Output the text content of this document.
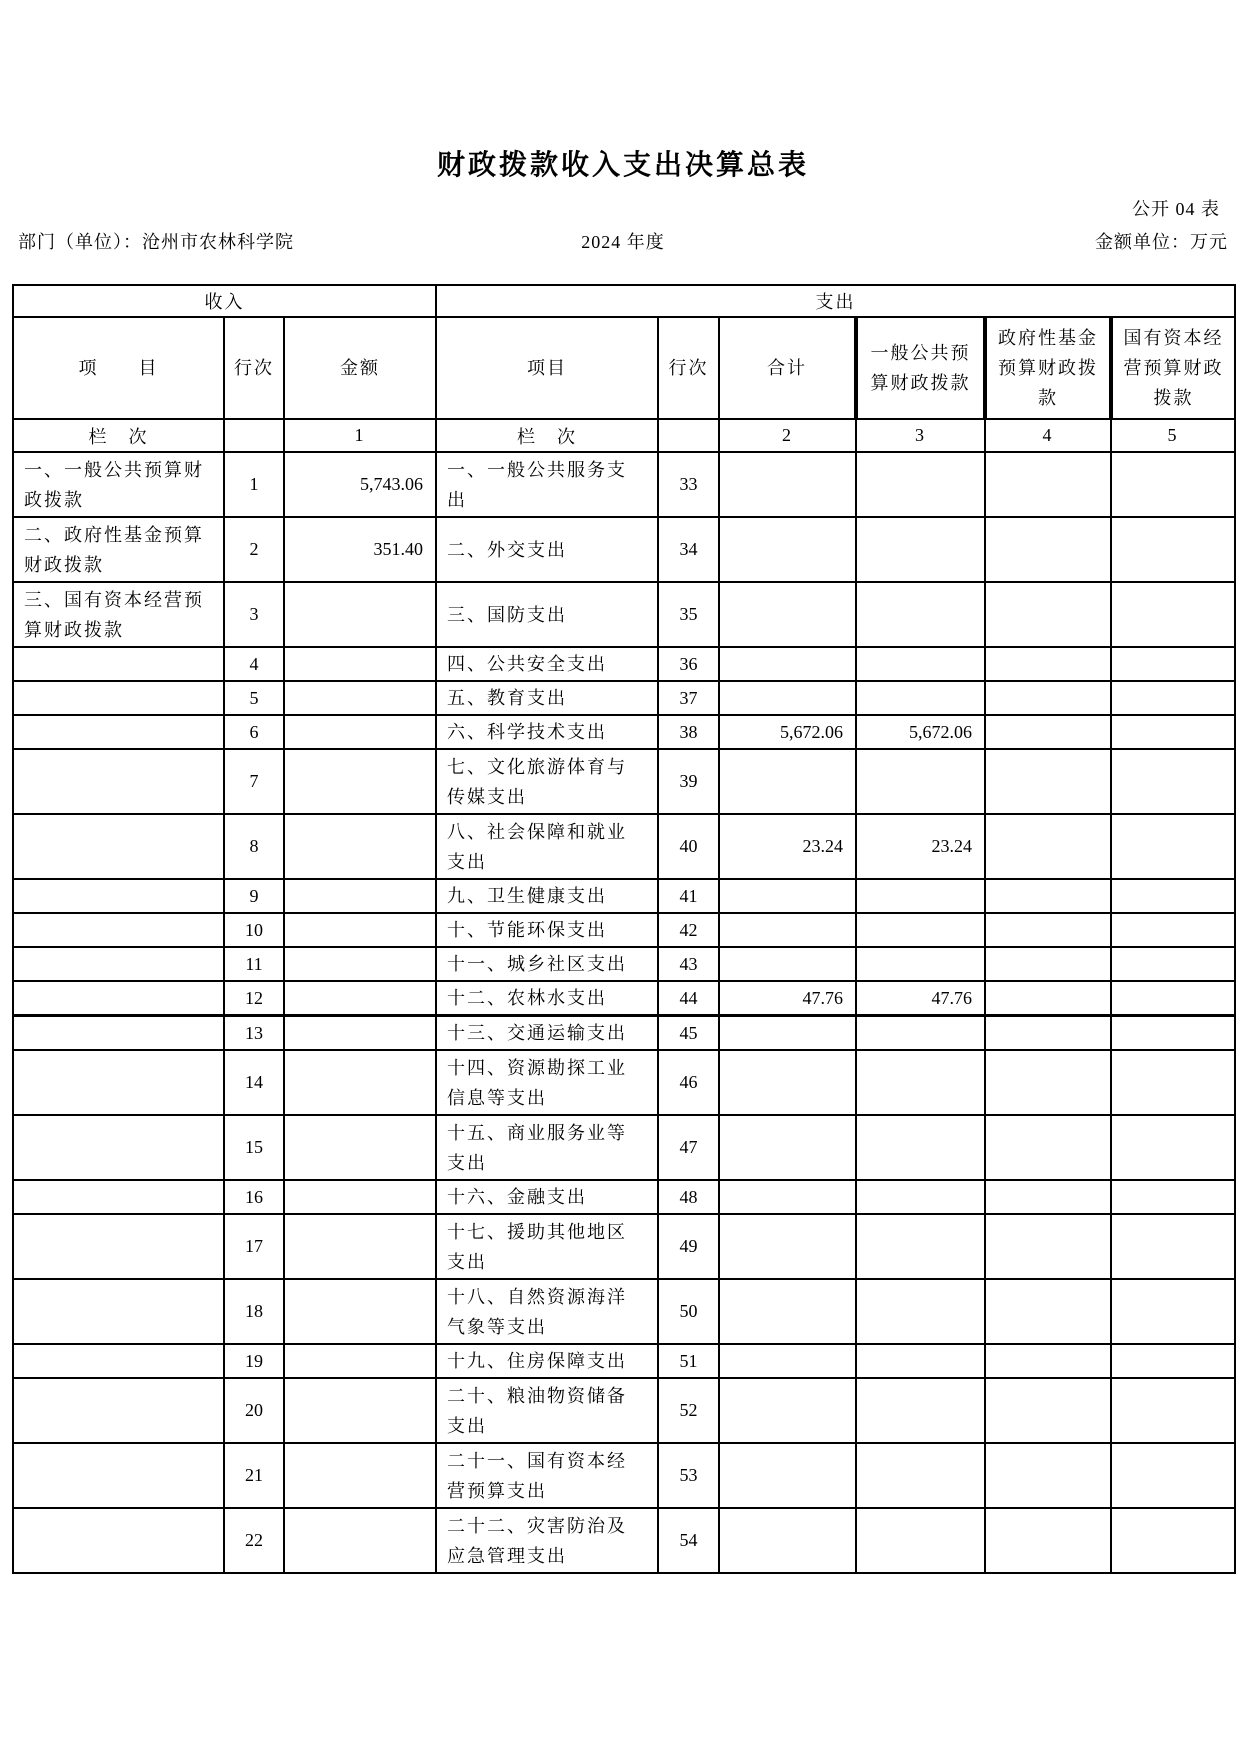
财政拨款收入支出决算总表
公开 04 表
部门（单位）：沧州市农林科学院	2024 年度	金额单位：万元
收入			支出					
项　　目	行次	金额	项目	行次	合计	一般公共预算财政拨款	政府性基金预算财政拨款	国有资本经营预算财政拨款
栏　次		1	栏　次		2	3	4	5
一、一般公共预算财政拨款	1	5,743.06	一、一般公共服务支出	33				
二、政府性基金预算财政拨款	2	351.40	二、外交支出	34				
三、国有资本经营预算财政拨款	3		三、国防支出	35				
	4		四、公共安全支出	36				
	5		五、教育支出	37				
	6		六、科学技术支出	38	5,672.06	5,672.06		
	7		七、文化旅游体育与传媒支出	39				
	8		八、社会保障和就业支出	40	23.24	23.24		
	9		九、卫生健康支出	41				
	10		十、节能环保支出	42				
	11		十一、城乡社区支出	43				
	12		十二、农林水支出	44	47.76	47.76		
	13		十三、交通运输支出	45				
	14		十四、资源勘探工业信息等支出	46				
	15		十五、商业服务业等支出	47				
	16		十六、金融支出	48				
	17		十七、援助其他地区支出	49				
	18		十八、自然资源海洋气象等支出	50				
	19		十九、住房保障支出	51				
	20		二十、粮油物资储备支出	52				
	21		二十一、国有资本经营预算支出	53				
	22		二十二、灾害防治及应急管理支出	54				
